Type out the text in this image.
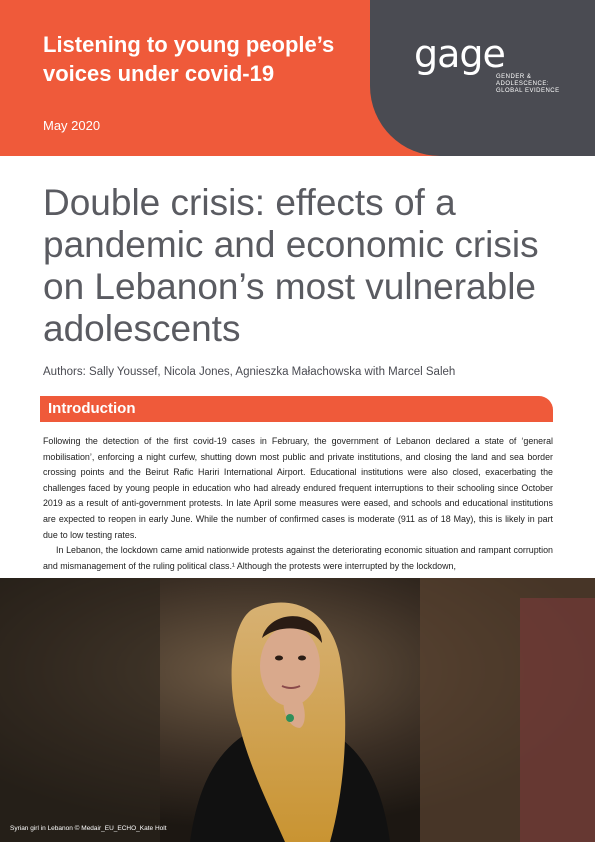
Listening to young people’s voices under covid-19
May 2020
gage
GENDER & ADOLESCENCE: GLOBAL EVIDENCE
Double crisis: effects of a pandemic and economic crisis on Lebanon’s most vulnerable adolescents
Authors: Sally Youssef, Nicola Jones, Agnieszka Małachowska with Marcel Saleh
Introduction

Following the detection of the first covid-19 cases in February, the government of Lebanon declared a state of ‘general mobilisation’, enforcing a night curfew, shutting down most public and private institutions, and closing the land and sea border crossing points and the Beirut Rafic Hariri International Airport. Educational institutions were also closed, exacerbating the challenges faced by young people in education who had already endured frequent interruptions to their schooling since October 2019 as a result of anti-government protests. In late April some measures were eased, and schools and educational institutions are expected to reopen in early June. While the number of confirmed cases is moderate (911 as of 18 May), this is likely in part due to low testing rates.

In Lebanon, the lockdown came amid nationwide protests against the deteriorating economic situation and rampant corruption and mismanagement of the ruling political class.¹ Although the protests were interrupted by the lockdown,

Syrian girl in Lebanon © Medair_EU_ECHO_Kate Holt
